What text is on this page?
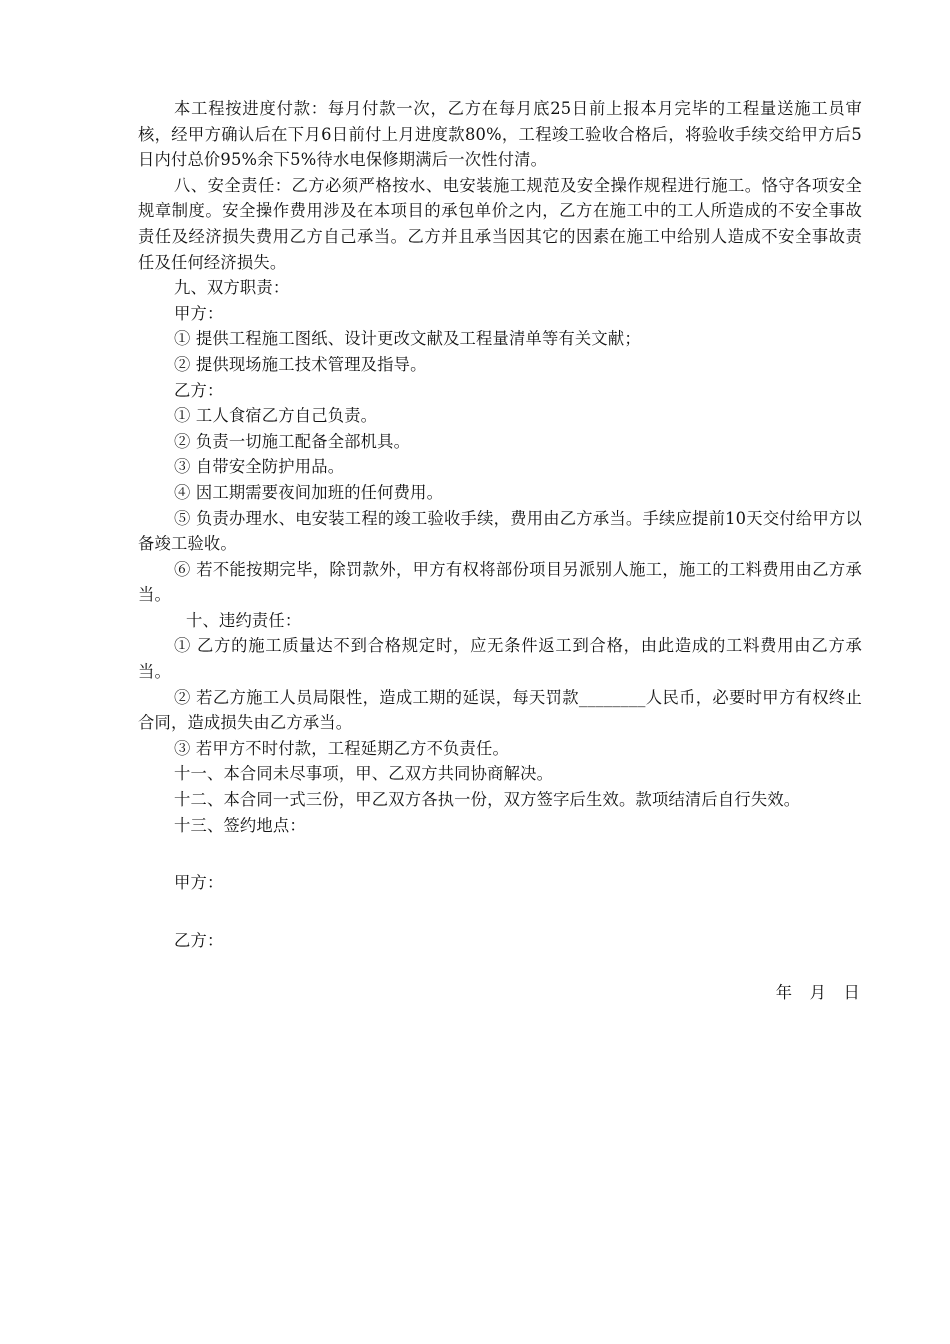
本工程按进度付款：每月付款一次，乙方在每月底25日前上报本月完毕的工程量送施工员审核，经甲方确认后在下月6日前付上月进度款80%，工程竣工验收合格后，将验收手续交给甲方后5日内付总价95%余下5%待水电保修期满后一次性付清。

八、安全责任：乙方必须严格按水、电安装施工规范及安全操作规程进行施工。恪守各项安全规章制度。安全操作费用涉及在本项目的承包单价之内，乙方在施工中的工人所造成的不安全事故责任及经济损失费用乙方自己承当。乙方并且承当因其它的因素在施工中给别人造成不安全事故责任及任何经济损失。

九、双方职责：

甲方：

① 提供工程施工图纸、设计更改文献及工程量清单等有关文献；

② 提供现场施工技术管理及指导。

乙方：

① 工人食宿乙方自己负责。

② 负责一切施工配备全部机具。

③ 自带安全防护用品。

④ 因工期需要夜间加班的任何费用。

⑤ 负责办理水、电安装工程的竣工验收手续，费用由乙方承当。手续应提前10天交付给甲方以备竣工验收。

⑥ 若不能按期完毕，除罚款外，甲方有权将部份项目另派别人施工，施工的工料费用由乙方承当。

十、违约责任：

① 乙方的施工质量达不到合格规定时，应无条件返工到合格，由此造成的工料费用由乙方承当。

② 若乙方施工人员局限性，造成工期的延误，每天罚款________人民币，必要时甲方有权终止合同，造成损失由乙方承当。

③ 若甲方不时付款，工程延期乙方不负责任。

十一、本合同未尽事项，甲、乙双方共同协商解决。

十二、本合同一式三份，甲乙双方各执一份，双方签字后生效。款项结清后自行失效。

十三、签约地点：

甲方：

乙方：

年 月 日
